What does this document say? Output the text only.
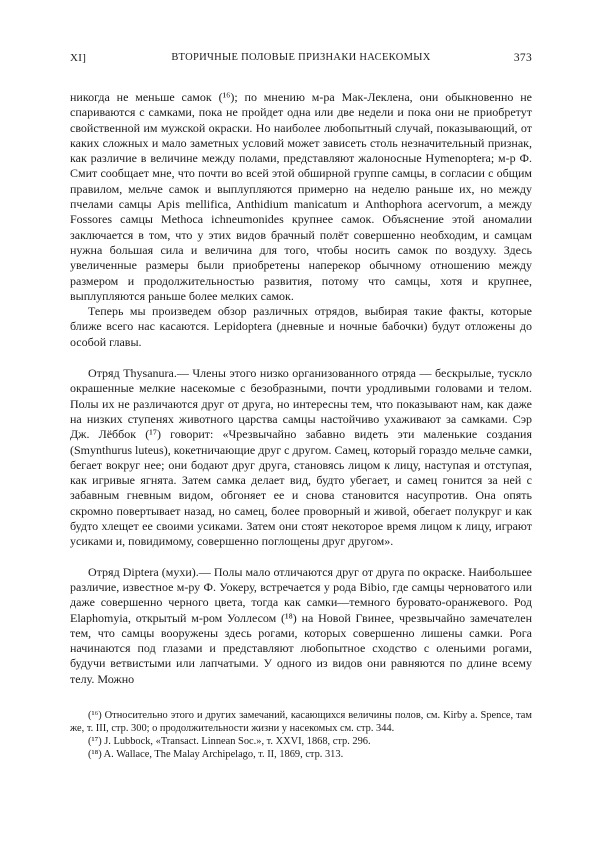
XI]	ВТОРИЧНЫЕ ПОЛОВЫЕ ПРИЗНАКИ НАСЕКОМЫХ	373

никогда не меньше самок (¹⁶); по мнению м-ра Мак-Леклена, они обыкновенно не спариваются с самками, пока не пройдет одна или две недели и пока они не приобретут свойственной им мужской окраски. Но наиболее любопытный случай, показывающий, от каких сложных и мало заметных условий может зависеть столь незначительный признак, как различие в величине между полами, представляют жалоносные Hymenoptera; м-р Ф. Смит сообщает мне, что почти во всей этой обширной группе самцы, в согласии с общим правилом, мельче самок и выплупляются примерно на неделю раньше их, но между пчелами самцы Apis mellifica, Anthidium manicatum и Anthophora acervorum, а между Fossores самцы Methoca ichneumonides крупнее самок. Объяснение этой аномалии заключается в том, что у этих видов брачный полёт совершенно необходим, и самцам нужна большая сила и величина для того, чтобы носить самок по воздуху. Здесь увеличенные размеры были приобретены наперекор обычному отношению между размером и продолжительностью развития, потому что самцы, хотя и крупнее, выплупляются раньше более мелких самок.

Теперь мы произведем обзор различных отрядов, выбирая такие факты, которые ближе всего нас касаются. Lepidoptera (дневные и ночные бабочки) будут отложены до особой главы.

Отряд Thysanura.— Члены этого низко организованного отряда — бескрылые, тускло окрашенные мелкие насекомые с безобразными, почти уродливыми головами и телом. Полы их не различаются друг от друга, но интересны тем, что показывают нам, как даже на низких ступенях животного царства самцы настойчиво ухаживают за самками. Сэр Дж. Лёббок (¹⁷) говорит: «Чрезвычайно забавно видеть эти маленькие создания (Smynthurus luteus), кокетничающие друг с другом. Самец, который гораздо мельче самки, бегает вокруг нее; они бодают друг друга, становясь лицом к лицу, наступая и отступая, как игривые ягнята. Затем самка делает вид, будто убегает, и самец гонится за ней с забавным гневным видом, обгоняет ее и снова становится насупротив. Она опять скромно повертывает назад, но самец, более проворный и живой, обегает полукруг и как будто хлещет ее своими усиками. Затем они стоят некоторое время лицом к лицу, играют усиками и, повидимому, совершенно поглощены друг другом».

Отряд Diptera (мухи).— Полы мало отличаются друг от друга по окраске. Наибольшее различие, известное м-ру Ф. Уокеру, встречается у рода Bibio, где самцы черноватого или даже совершенно черного цвета, тогда как самки—темного буровато-оранжевого. Род Elaphomyia, открытый м-ром Уоллесом (¹⁸) на Новой Гвинее, чрезвычайно замечателен тем, что самцы вооружены здесь рогами, которых совершенно лишены самки. Рога начинаются под глазами и представляют любопытное сходство с оленьими рогами, будучи ветвистыми или лапчатыми. У одного из видов они равняются по длине всему телу. Можно

(¹⁶) Относительно этого и других замечаний, касающихся величины полов, см. Kirby a. Spence, там же, т. III, стр. 300; о продолжительности жизни у насекомых см. стр. 344.

(¹⁷) J. Lubbock, «Transact. Linnean Soc.», т. XXVI, 1868, стр. 296.

(¹⁸) A. Wallace, The Malay Archipelago, т. II, 1869, стр. 313.
